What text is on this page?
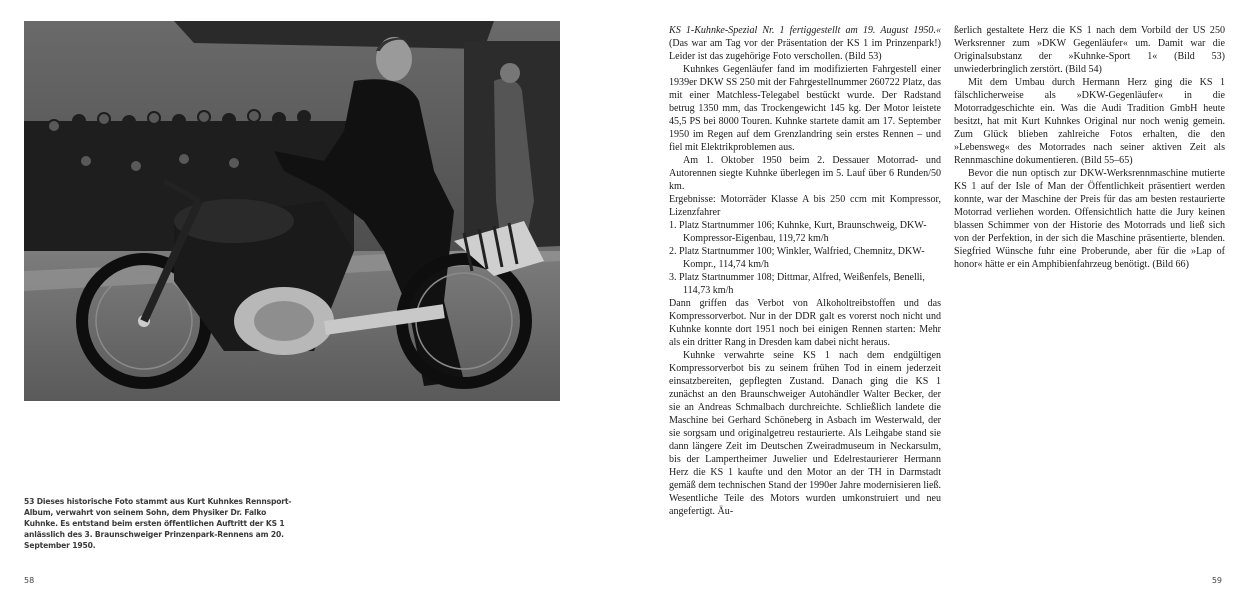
53 Dieses historische Foto stammt aus Kurt Kuhnkes Rennsport-Album, verwahrt von seinem Sohn, dem Physiker Dr. Falko Kuhnke. Es entstand beim ersten öffentlichen Auftritt der KS 1 anlässlich des 3. Braunschweiger Prinzenpark-Rennens am 20. September 1950.
58

KS 1-Kuhnke-Spezial Nr. 1 fertiggestellt am 19. August 1950.« (Das war am Tag vor der Präsentation der KS 1 im Prinzenpark!) Leider ist das zugehörige Foto verschollen. (Bild 53)

Kuhnkes Gegenläufer fand im modifizierten Fahrgestell einer 1939er DKW SS 250 mit der Fahrgestellnummer 260722 Platz, das mit einer Matchless-Telegabel bestückt wurde. Der Radstand betrug 1350 mm, das Trockengewicht 145 kg. Der Motor leistete 45,5 PS bei 8000 Touren. Kuhnke startete damit am 17. September 1950 im Regen auf dem Grenzlandring sein erstes Rennen – und fiel mit Elektrikproblemen aus.

Am 1. Oktober 1950 beim 2. Dessauer Motorrad- und Autorennen siegte Kuhnke überlegen im 5. Lauf über 6 Runden/50 km.

Ergebnisse: Motorräder Klasse A bis 250 ccm mit Kompressor, Lizenzfahrer

1. Platz Startnummer 106; Kuhnke, Kurt, Braunschweig, DKW-Kompressor-Eigenbau, 119,72 km/h

2. Platz Startnummer 100; Winkler, Walfried, Chemnitz, DKW-Kompr., 114,74 km/h

3. Platz Startnummer 108; Dittmar, Alfred, Weißenfels, Benelli, 114,73 km/h

Dann griffen das Verbot von Alkoholtreibstoffen und das Kompressorverbot. Nur in der DDR galt es vorerst noch nicht und Kuhnke konnte dort 1951 noch bei einigen Rennen starten: Mehr als ein dritter Rang in Dresden kam dabei nicht heraus.

Kuhnke verwahrte seine KS 1 nach dem endgültigen Kompressorverbot bis zu seinem frühen Tod in einem jederzeit einsatzbereiten, gepflegten Zustand. Danach ging die KS 1 zunächst an den Braunschweiger Autohändler Walter Becker, der sie an Andreas Schmalbach durchreichte. Schließlich landete die Maschine bei Gerhard Schöneberg in Asbach im Westerwald, der sie sorgsam und originalgetreu restaurierte. Als Leihgabe stand sie dann längere Zeit im Deutschen Zweiradmuseum in Neckarsulm, bis der Lampertheimer Juwelier und Edelrestaurierer Hermann Herz die KS 1 kaufte und den Motor an der TH in Darmstadt gemäß dem technischen Stand der 1990er Jahre modernisieren ließ. Wesentliche Teile des Motors wurden umkonstruiert und neu angefertigt. Äu-

ßerlich gestaltete Herz die KS 1 nach dem Vorbild der US 250 Werksrenner zum »DKW Gegenläufer« um. Damit war die Originalsubstanz der »Kuhnke-Sport 1« (Bild 53) unwiederbringlich zerstört. (Bild 54)

Mit dem Umbau durch Hermann Herz ging die KS 1 fälschlicherweise als »DKW-Gegenläufer« in die Motorradgeschichte ein. Was die Audi Tradition GmbH heute besitzt, hat mit Kurt Kuhnkes Original nur noch wenig gemein. Zum Glück blieben zahlreiche Fotos erhalten, die den »Lebensweg« des Motorrades nach seiner aktiven Zeit als Rennmaschine dokumentieren. (Bild 55–65)

Bevor die nun optisch zur DKW-Werksrennmaschine mutierte KS 1 auf der Isle of Man der Öffentlichkeit präsentiert werden konnte, war der Maschine der Preis für das am besten restaurierte Motorrad verliehen worden. Offensichtlich hatte die Jury keinen blassen Schimmer von der Historie des Motorrads und ließ sich von der Perfektion, in der sich die Maschine präsentierte, blenden. Siegfried Wünsche fuhr eine Proberunde, aber für die »Lap of honor« hätte er ein Amphibienfahrzeug benötigt. (Bild 66)

59
